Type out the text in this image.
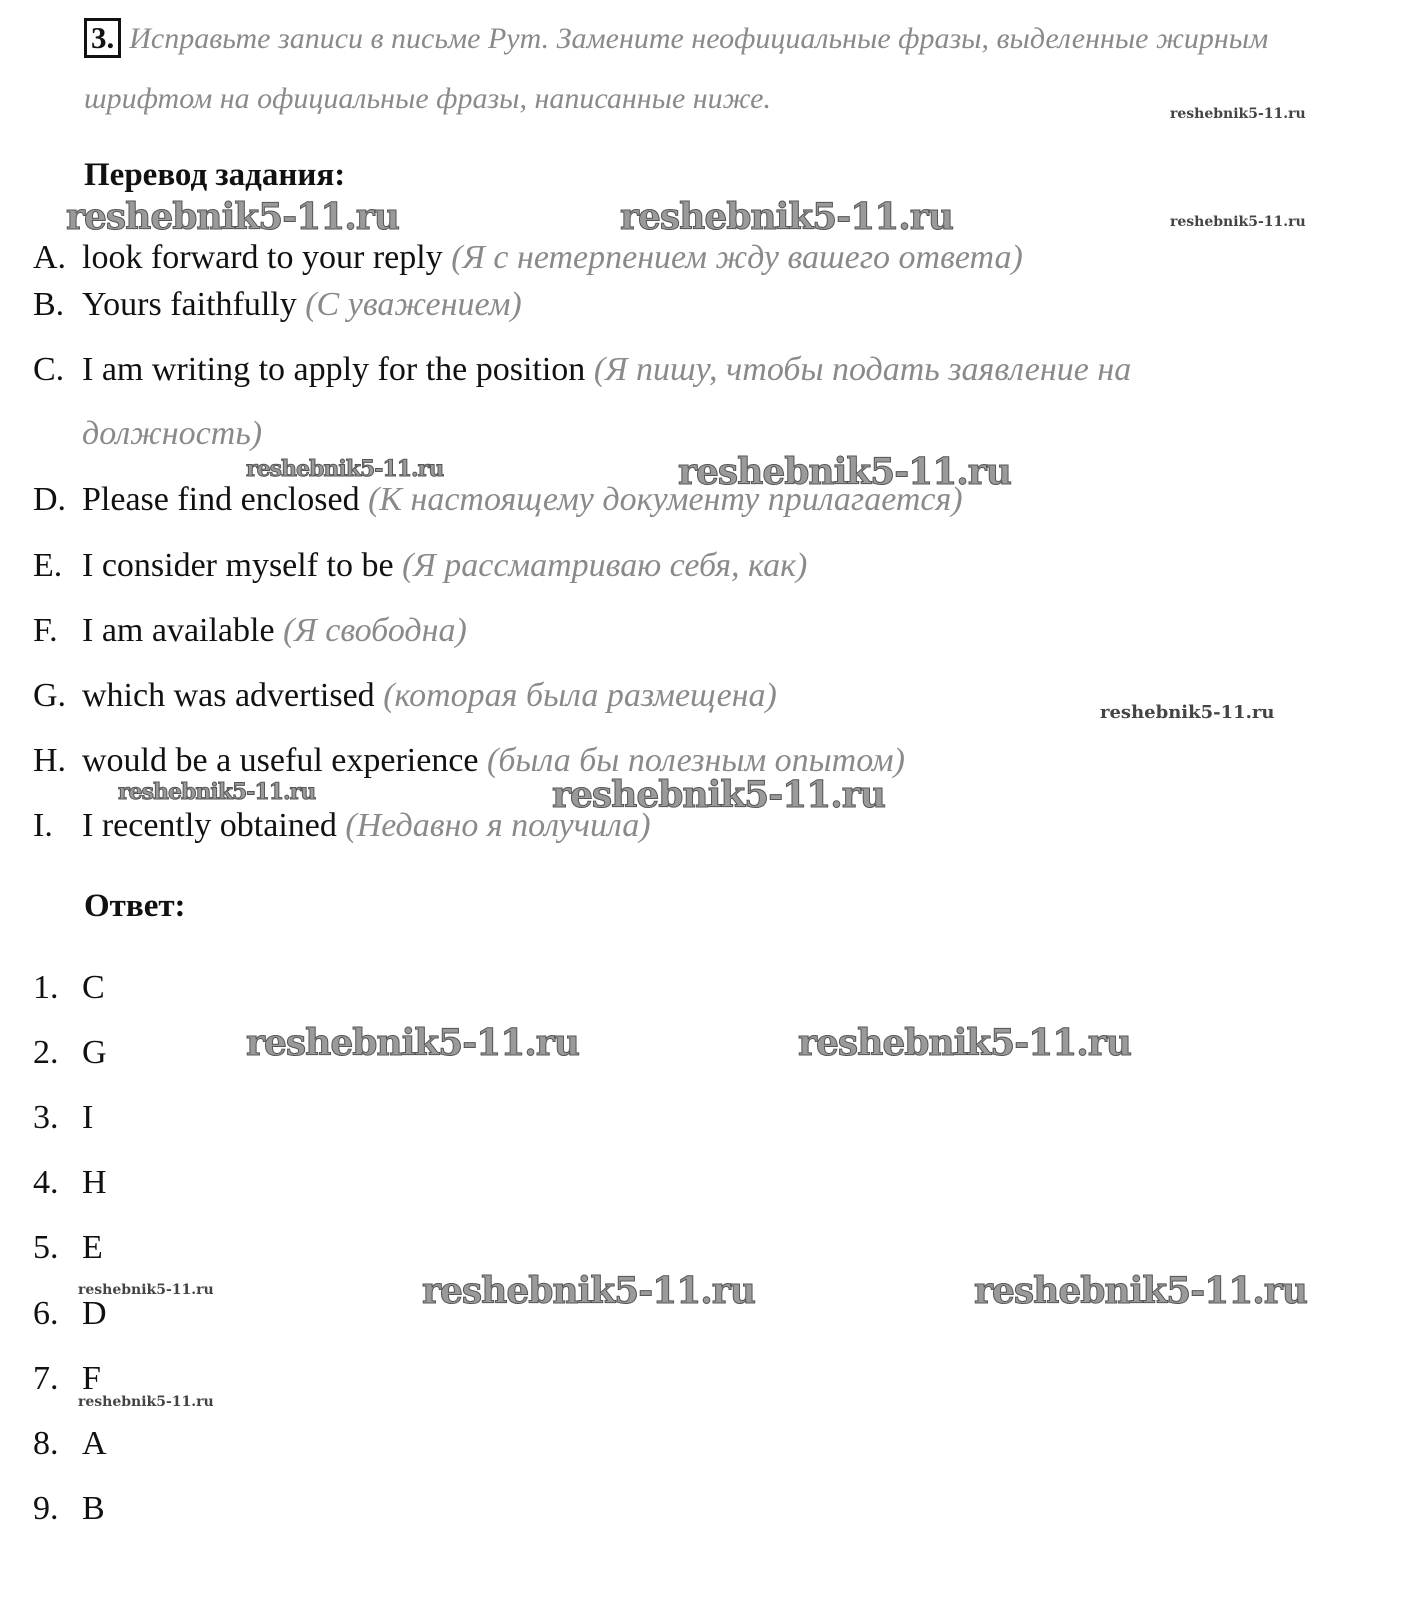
3. Исправьте записи в письме Рут. Замените неофициальные фразы, выделенные жирным
шрифтом на официальные фразы, написанные ниже.
Перевод задания:
A. look forward to your reply (Я с нетерпением жду вашего ответа)
B. Yours faithfully (С уважением)
C. I am writing to apply for the position (Я пишу, чтобы подать заявление на
должность)
D. Please find enclosed (К настоящему документу прилагается)
E. I consider myself to be (Я рассматриваю себя, как)
F. I am available (Я свободна)
G. which was advertised (которая была размещена)
H. would be a useful experience (была бы полезным опытом)
I. I recently obtained (Недавно я получила)
Ответ:
1. C
2. G
3. I
4. H
5. E
6. D
7. F
8. A
9. B
reshebnik5-11.ru
reshebnik5-11.ru	reshebnik5-11.ru	reshebnik5-11.ru
reshebnik5-11.ru	reshebnik5-11.ru
reshebnik5-11.ru
reshebnik5-11.ru	reshebnik5-11.ru
reshebnik5-11.ru	reshebnik5-11.ru
reshebnik5-11.ru	reshebnik5-11.ru	reshebnik5-11.ru
reshebnik5-11.ru
